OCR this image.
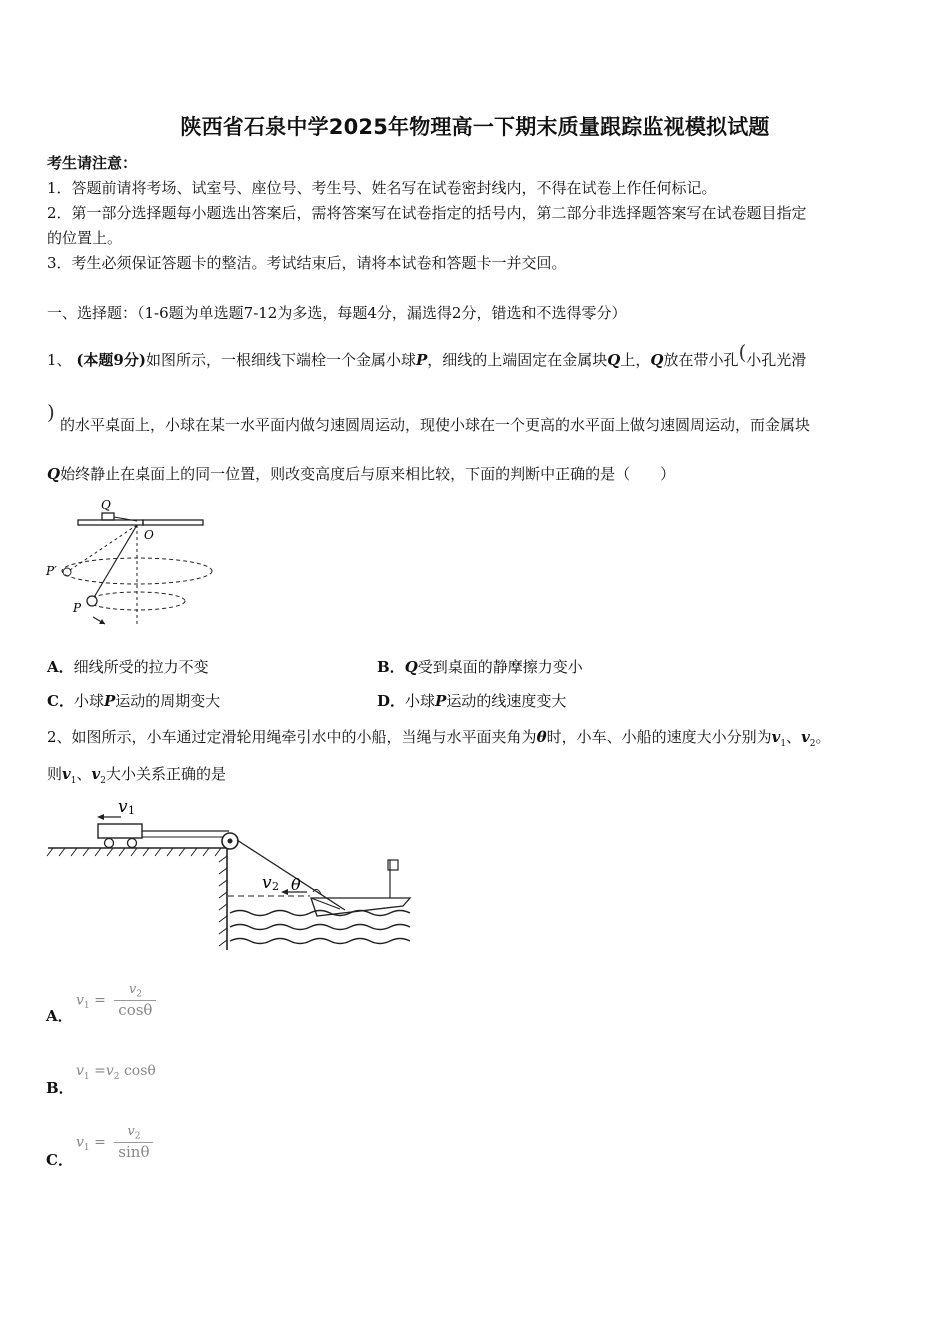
陕西省石泉中学2025年物理高一下期末质量跟踪监视模拟试题
考生请注意：
1．答题前请将考场、试室号、座位号、考生号、姓名写在试卷密封线内，不得在试卷上作任何标记。
2．第一部分选择题每小题选出答案后，需将答案写在试卷指定的括号内，第二部分非选择题答案写在试卷题目指定
的位置上。
3．考生必须保证答题卡的整洁。考试结束后，请将本试卷和答题卡一并交回。
一、选择题：（1-6题为单选题7-12为多选，每题4分，漏选得2分，错选和不选得零分）
1、 (本题9分)如图所示，一根细线下端栓一个金属小球P，细线的上端固定在金属块Q上，Q放在带小孔(小孔光滑
)
的水平桌面上，小球在某一水平面内做匀速圆周运动，现使小球在一个更高的水平面上做匀速圆周运动，而金属块
Q始终静止在桌面上的同一位置，则改变高度后与原来相比较，下面的判断中正确的是（　　）
Q
O
P′
P
A．细线所受的拉力不变	B．Q受到桌面的静摩擦力变小
C．小球P运动的周期变大	D．小球P运动的线速度变大
2、如图所示，小车通过定滑轮用绳牵引水中的小船，当绳与水平面夹角为θ时，小车、小船的速度大小分别为$v_1$、$v_2$。
则$v_1$、$v_2$大小关系正确的是
v 1
v 2 θ
A．
$v_1 = \frac{v_2}{\cos\theta}$
B．
$v_1 =v_2$ cosθ
C．
$v_1 = \frac{v_2}{\sin\theta}$
